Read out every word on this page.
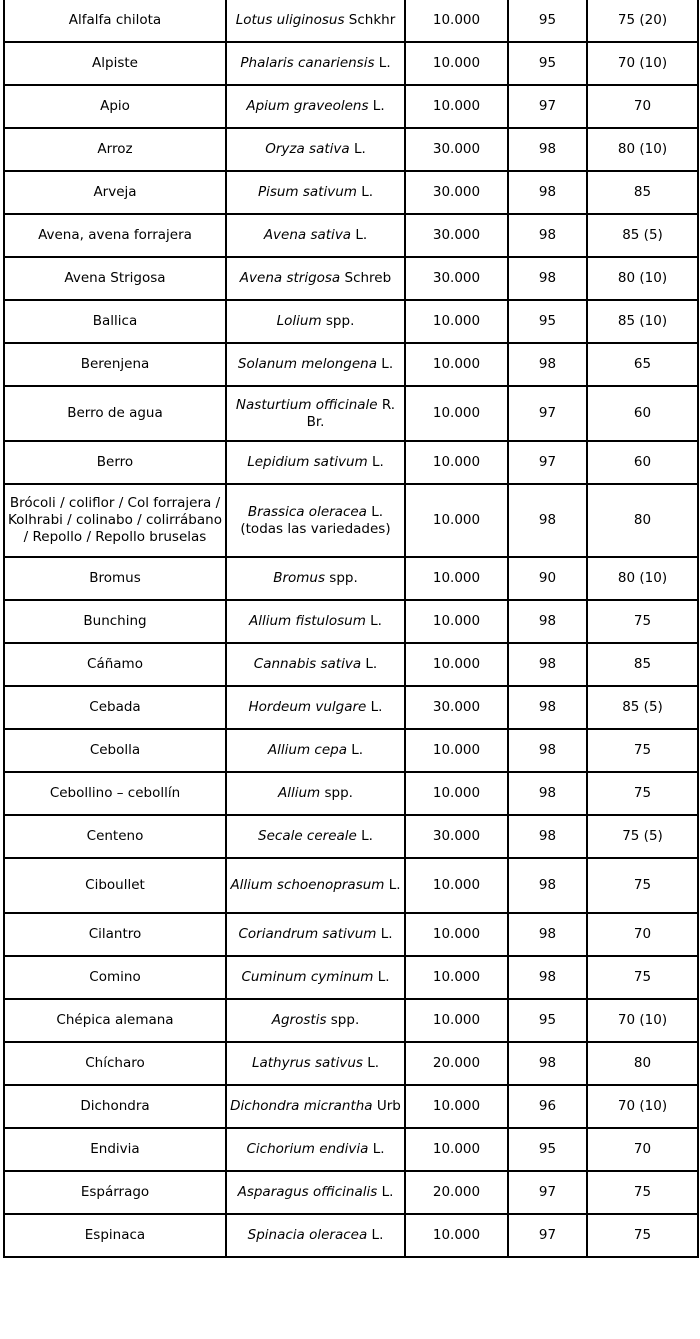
Alfalfa chilota	Lotus uliginosus Schkhr	10.000	95	75 (20)
Alpiste	Phalaris canariensis L.	10.000	95	70 (10)
Apio	Apium graveolens L.	10.000	97	70
Arroz	Oryza sativa L.	30.000	98	80 (10)
Arveja	Pisum sativum L.	30.000	98	85
Avena, avena forrajera	Avena sativa L.	30.000	98	85 (5)
Avena Strigosa	Avena strigosa Schreb	30.000	98	80 (10)
Ballica	Lolium spp.	10.000	95	85 (10)
Berenjena	Solanum melongena L.	10.000	98	65
Berro de agua	Nasturtium officinale R. Br.	10.000	97	60
Berro	Lepidium sativum L.	10.000	97	60
Brócoli / coliflor / Col forrajera / Kolhrabi / colinabo / colirrábano / Repollo / Repollo bruselas	Brassica oleracea L. (todas las variedades)	10.000	98	80
Bromus	Bromus spp.	10.000	90	80 (10)
Bunching	Allium fistulosum L.	10.000	98	75
Cáñamo	Cannabis sativa L.	10.000	98	85
Cebada	Hordeum vulgare L.	30.000	98	85 (5)
Cebolla	Allium cepa L.	10.000	98	75
Cebollino – cebollín	Allium spp.	10.000	98	75
Centeno	Secale cereale L.	30.000	98	75 (5)
Ciboullet	Allium schoenoprasum L.	10.000	98	75
Cilantro	Coriandrum sativum L.	10.000	98	70
Comino	Cuminum cyminum L.	10.000	98	75
Chépica alemana	Agrostis spp.	10.000	95	70 (10)
Chícharo	Lathyrus sativus L.	20.000	98	80
Dichondra	Dichondra micrantha Urb	10.000	96	70 (10)
Endivia	Cichorium endivia L.	10.000	95	70
Espárrago	Asparagus officinalis L.	20.000	97	75
Espinaca	Spinacia oleracea L.	10.000	97	75
